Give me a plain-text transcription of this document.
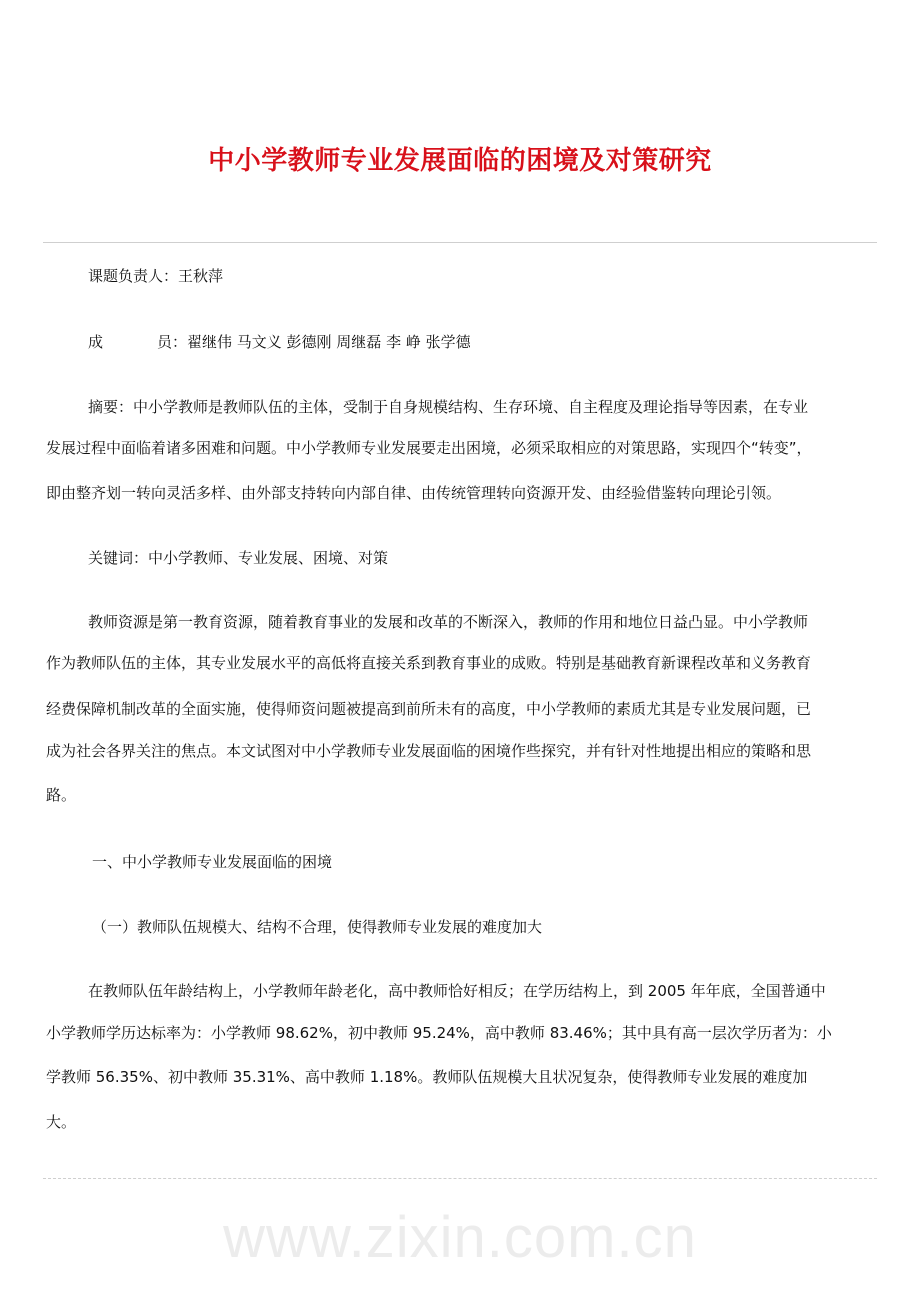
中小学教师专业发展面临的困境及对策研究
课题负责人：王秋萍
成	员：翟继伟 马文义 彭德刚 周继磊 李 峥 张学德
摘要：中小学教师是教师队伍的主体，受制于自身规模结构、生存环境、自主程度及理论指导等因素，在专业
发展过程中面临着诸多困难和问题。中小学教师专业发展要走出困境，必须采取相应的对策思路，实现四个“转变”，
即由整齐划一转向灵活多样、由外部支持转向内部自律、由传统管理转向资源开发、由经验借鉴转向理论引领。
关键词：中小学教师、专业发展、困境、对策
教师资源是第一教育资源，随着教育事业的发展和改革的不断深入，教师的作用和地位日益凸显。中小学教师
作为教师队伍的主体，其专业发展水平的高低将直接关系到教育事业的成败。特别是基础教育新课程改革和义务教育
经费保障机制改革的全面实施，使得师资问题被提高到前所未有的高度，中小学教师的素质尤其是专业发展问题，已
成为社会各界关注的焦点。本文试图对中小学教师专业发展面临的困境作些探究，并有针对性地提出相应的策略和思
路。
一、中小学教师专业发展面临的困境
（一）教师队伍规模大、结构不合理，使得教师专业发展的难度加大
在教师队伍年龄结构上，小学教师年龄老化，高中教师恰好相反；在学历结构上，到 2005 年年底，全国普通中
小学教师学历达标率为：小学教师 98.62%，初中教师 95.24%，高中教师 83.46%；其中具有高一层次学历者为：小
学教师 56.35%、初中教师 35.31%、高中教师 1.18%。教师队伍规模大且状况复杂，使得教师专业发展的难度加
大。
www.zixin.com.cn
